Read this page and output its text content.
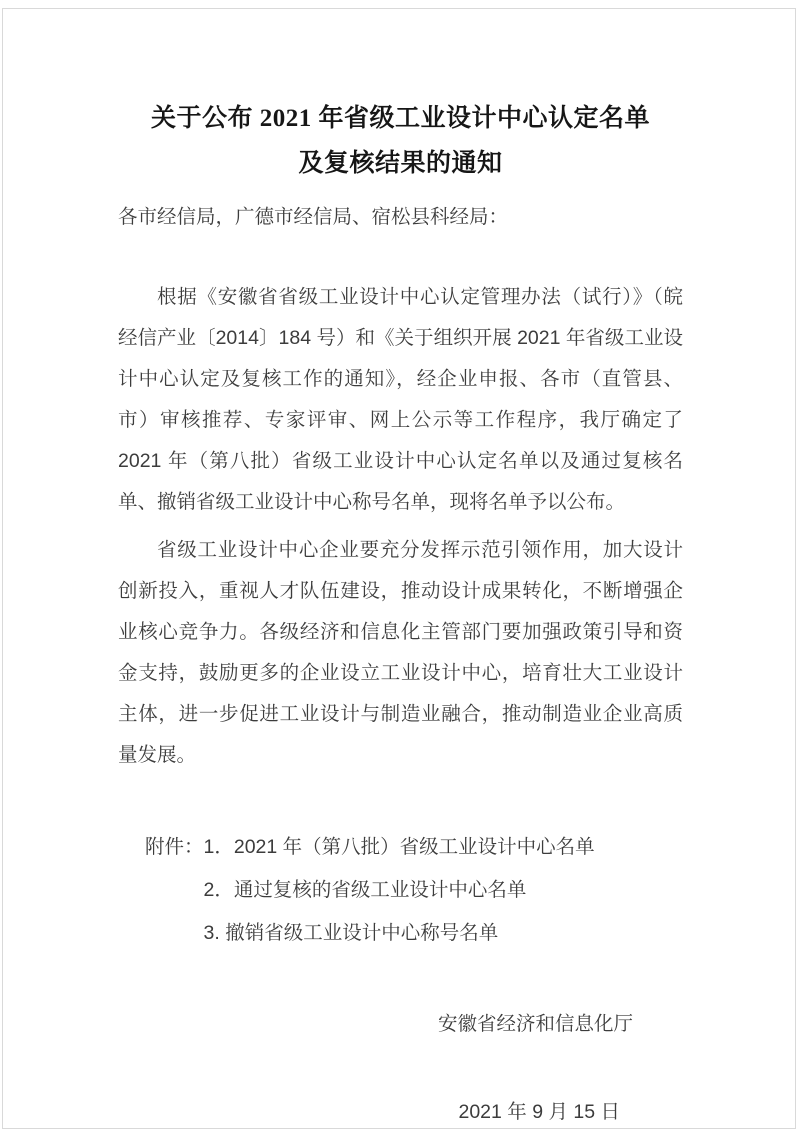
关于公布 2021 年省级工业设计中心认定名单
及复核结果的通知
各市经信局，广德市经信局、宿松县科经局：

根据《安徽省省级工业设计中心认定管理办法（试行）》（皖经信产业〔2014〕184 号）和《关于组织开展 2021 年省级工业设计中心认定及复核工作的通知》，经企业申报、各市（直管县、市）审核推荐、专家评审、网上公示等工作程序，我厅确定了 2021 年（第八批）省级工业设计中心认定名单以及通过复核名单、撤销省级工业设计中心称号名单，现将名单予以公布。

省级工业设计中心企业要充分发挥示范引领作用，加大设计创新投入，重视人才队伍建设，推动设计成果转化，不断增强企业核心竞争力。各级经济和信息化主管部门要加强政策引导和资金支持，鼓励更多的企业设立工业设计中心，培育壮大工业设计主体，进一步促进工业设计与制造业融合，推动制造业企业高质量发展。

附件： 1．2021 年（第八批）省级工业设计中心名单
2．通过复核的省级工业设计中心名单
3. 撤销省级工业设计中心称号名单
安徽省经济和信息化厅
2021 年 9 月 15 日
